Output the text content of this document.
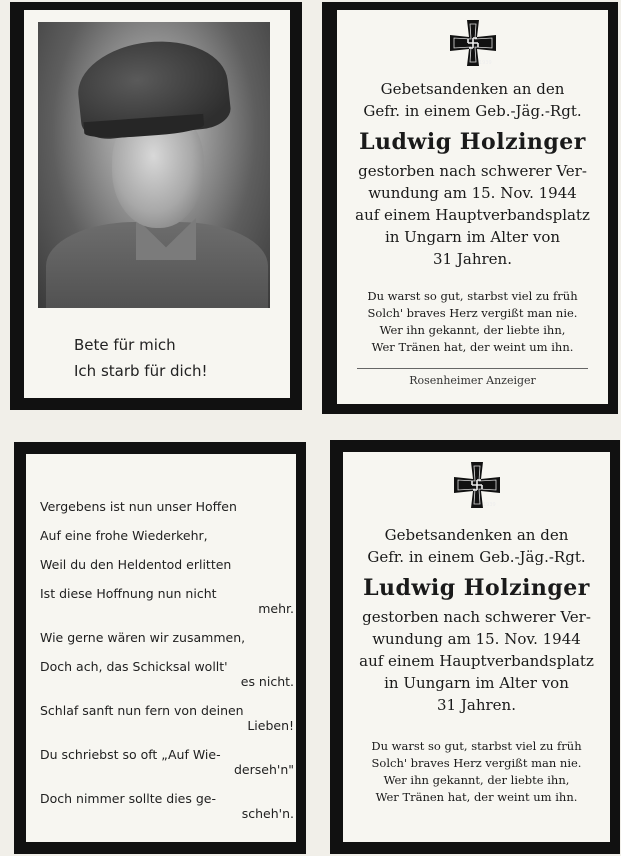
Bete für mich
Ich starb für dich!
1939
Gebetsandenken an den
Gefr. in einem Geb.-Jäg.-Rgt.
Ludwig Holzinger
gestorben nach schwerer Ver-
wundung am 15. Nov. 1944
auf einem Hauptverbandsplatz
in Ungarn im Alter von
31 Jahren.
Du warst so gut, starbst viel zu früh
Solch' braves Herz vergißt man nie.
Wer ihn gekannt, der liebte ihn,
Wer Tränen hat, der weint um ihn.
Rosenheimer Anzeiger
Vergebens ist nun unser Hoffen
Auf eine frohe Wiederkehr,
Weil du den Heldentod erlitten
Ist diese Hoffnung nun nicht
mehr.
Wie gerne wären wir zusammen,
Doch ach, das Schicksal wollt'
es nicht.
Schlaf sanft nun fern von deinen
Lieben!
Du schriebst so oft „Auf Wie-
derseh'n"
Doch nimmer sollte dies ge-
scheh'n.
1939
Gebetsandenken an den
Gefr. in einem Geb.-Jäg.-Rgt.
Ludwig Holzinger
gestorben nach schwerer Ver-
wundung am 15. Nov. 1944
auf einem Hauptverbandsplatz
in Uungarn im Alter von
31 Jahren.
Du warst so gut, starbst viel zu früh
Solch' braves Herz vergißt man nie.
Wer ihn gekannt, der liebte ihn,
Wer Tränen hat, der weint um ihn.
